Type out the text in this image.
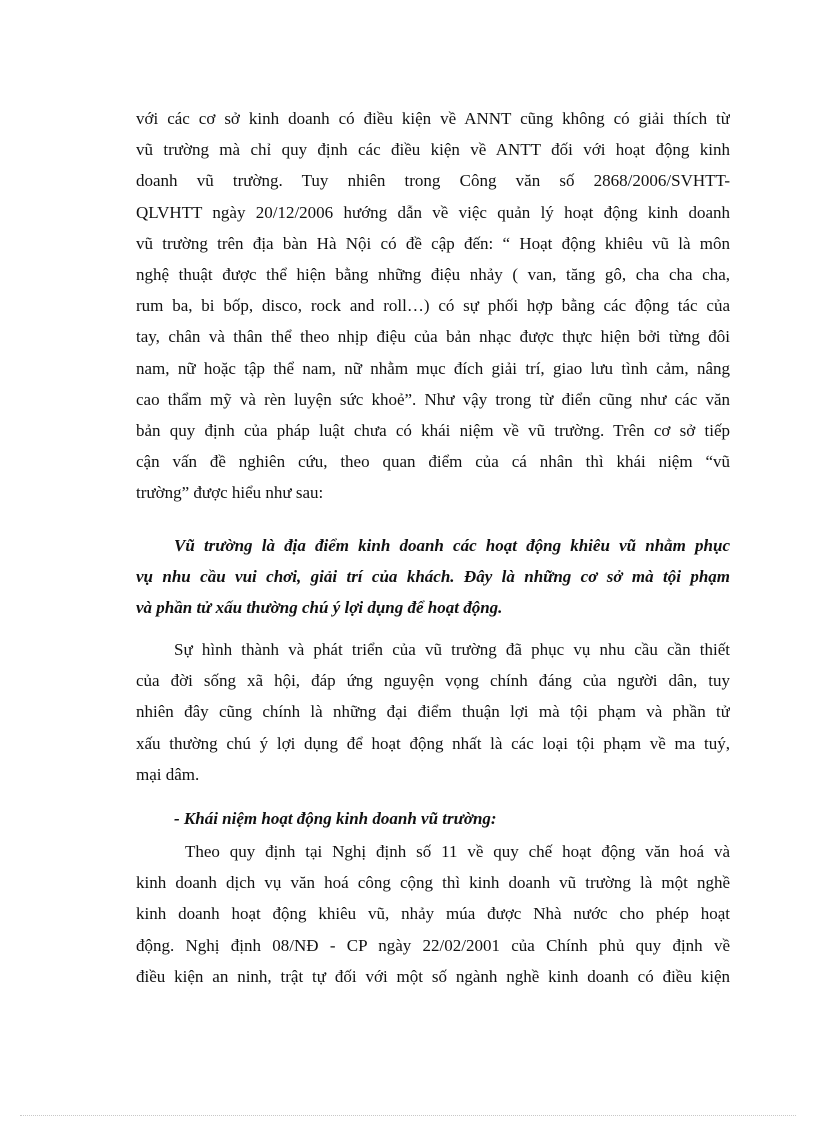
với các cơ sở kinh doanh có điều kiện về ANNT cũng không có giải thích từ
vũ trường mà chỉ quy định các điều kiện về ANTT đối với hoạt động kinh
doanh vũ trường. Tuy nhiên trong Công văn số 2868/2006/SVHTT-
QLVHTT ngày 20/12/2006 hướng dẫn về việc quản lý hoạt động kinh doanh
vũ trường trên địa bàn Hà Nội có đề cập đến: “ Hoạt động khiêu vũ là môn
nghệ thuật được thể hiện bằng những điệu nhảy ( van, tăng gô, cha cha cha,
rum ba, bi bốp, disco, rock and roll…) có sự phối hợp bằng các động tác của
tay, chân và thân thể theo nhịp điệu của bản nhạc được thực hiện bởi từng đôi
nam, nữ hoặc tập thể nam, nữ nhằm mục đích giải trí, giao lưu tình cảm, nâng
cao thẩm mỹ và rèn luyện sức khoẻ”. Như vậy trong từ điển cũng như các văn
bản quy định của pháp luật chưa có khái niệm về vũ trường. Trên cơ sở tiếp
cận vấn đề nghiên cứu, theo quan điểm của cá nhân thì khái niệm “vũ
trường” được hiểu như sau:
Vũ trường là địa điểm kinh doanh các hoạt động khiêu vũ nhằm phục
vụ nhu cầu vui chơi, giải trí của khách. Đây là những cơ sở mà tội phạm
và phần tử xấu thường chú ý lợi dụng để hoạt động.
Sự hình thành và phát triển của vũ trường đã phục vụ nhu cầu cần thiết
của đời sống xã hội, đáp ứng nguyện vọng chính đáng của người dân, tuy
nhiên đây cũng chính là những đại điểm thuận lợi mà tội phạm và phần tử
xấu thường chú ý lợi dụng để hoạt động nhất là các loại tội phạm về ma tuý,
mại dâm.
- Khái niệm hoạt động kinh doanh vũ trường:
Theo quy định tại Nghị định số 11 về quy chế hoạt động văn hoá và
kinh doanh dịch vụ văn hoá công cộng thì kinh doanh vũ trường là một nghề
kinh doanh hoạt động khiêu vũ, nhảy múa được Nhà nước cho phép hoạt
động. Nghị định 08/NĐ - CP ngày 22/02/2001 của Chính phủ quy định về
điều kiện an ninh, trật tự đối với một số ngành nghề kinh doanh có điều kiện
